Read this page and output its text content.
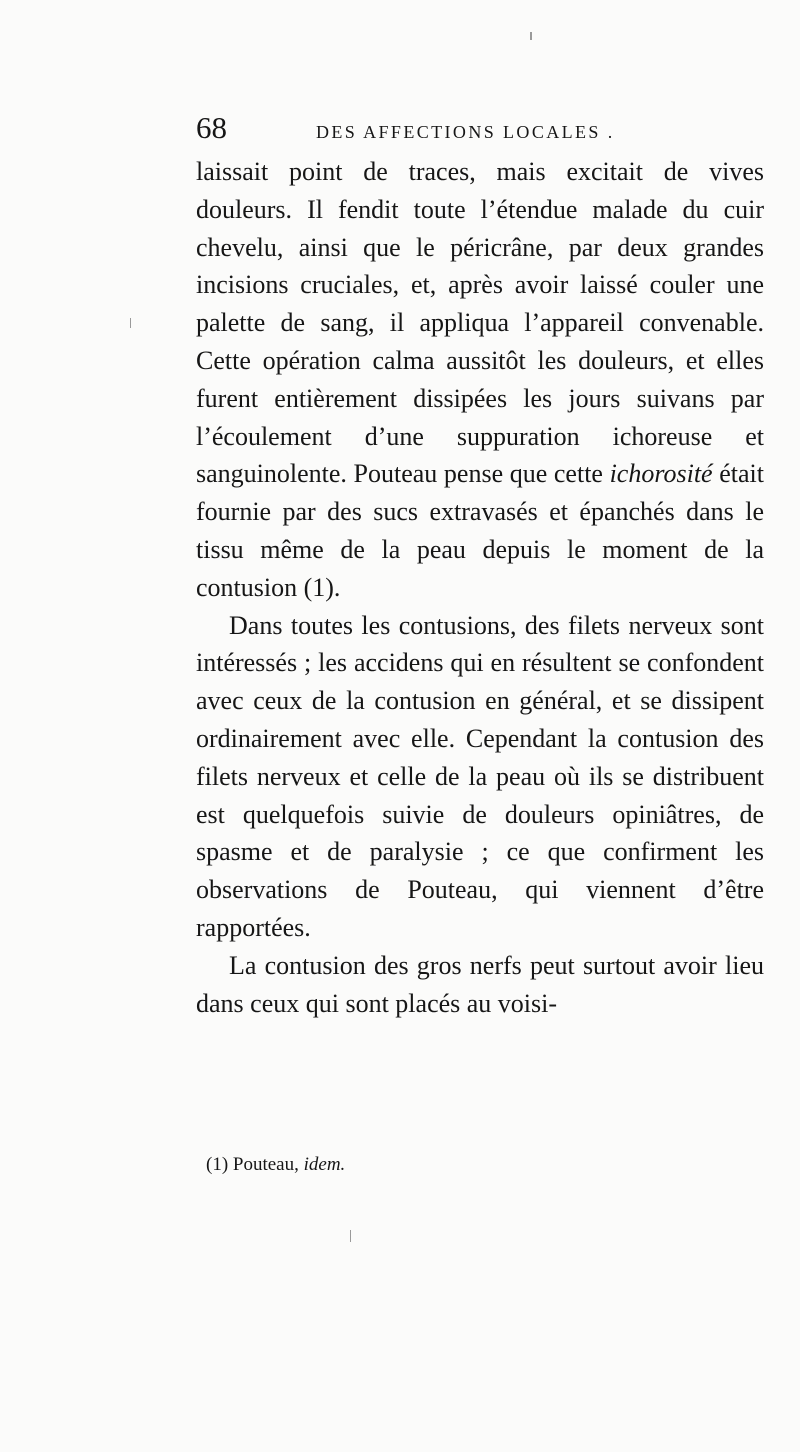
68	DES AFFECTIONS LOCALES .

laissait point de traces, mais excitait de vives douleurs. Il fendit toute l’étendue malade du cuir chevelu, ainsi que le péricrâne, par deux grandes incisions cruciales, et, après avoir laissé couler une palette de sang, il appliqua l’appareil convenable. Cette opération calma aussitôt les douleurs, et elles furent entièrement dissipées les jours suivans par l’écoulement d’une suppuration ichoreuse et sanguinolente. Pouteau pense que cette ichorosité était fournie par des sucs extravasés et épanchés dans le tissu même de la peau depuis le moment de la contusion (1).

Dans toutes les contusions, des filets nerveux sont intéressés ; les accidens qui en résultent se confondent avec ceux de la contusion en général, et se dissipent ordinairement avec elle. Cependant la contusion des filets nerveux et celle de la peau où ils se distribuent est quelquefois suivie de douleurs opiniâtres, de spasme et de paralysie ; ce que confirment les observations de Pouteau, qui viennent d’être rapportées.

La contusion des gros nerfs peut surtout avoir lieu dans ceux qui sont placés au voisi-

(1) Pouteau, idem.
